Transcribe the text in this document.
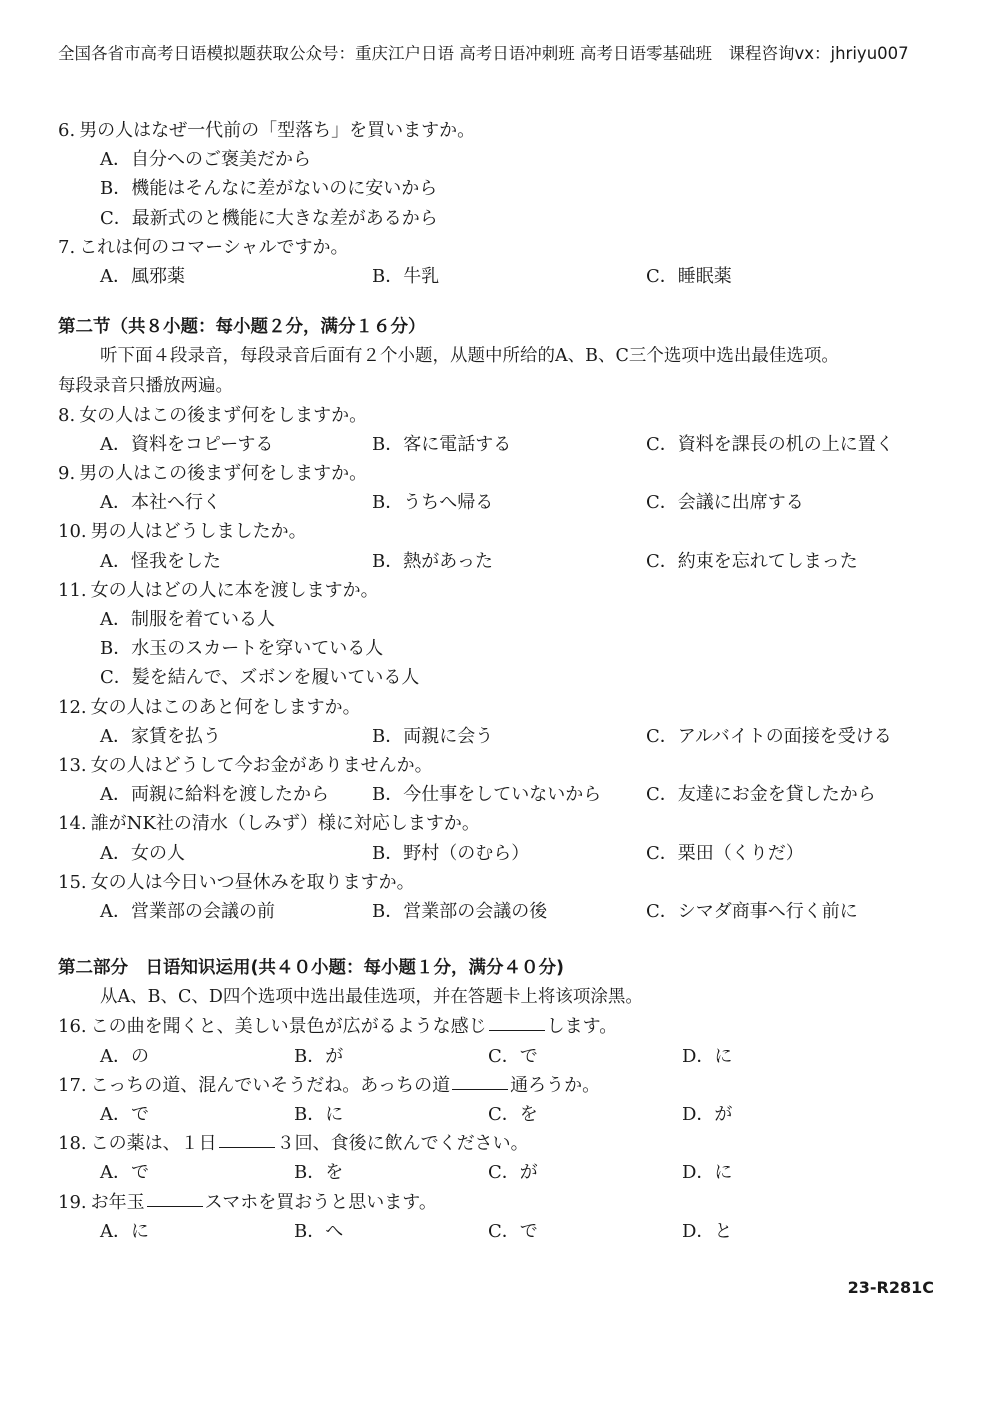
全国各省市高考日语模拟题获取公众号：重庆江户日语 高考日语冲刺班 高考日语零基础班　课程咨询vx：jhriyu007
6. 男の人はなぜ一代前の「型落ち」を買いますか。
A．自分へのご褒美だから
B．機能はそんなに差がないのに安いから
C．最新式のと機能に大きな差があるから
7. これは何のコマーシャルですか。
A．風邪薬	B．牛乳	C．睡眠薬
第二节（共８小题：每小题２分，满分１６分）
听下面４段录音，每段录音后面有２个小题，从题中所给的A、B、C三个选项中选出最佳选项。
每段录音只播放两遍。
8. 女の人はこの後まず何をしますか。
A．資料をコピーする	B．客に電話する	C．資料を課長の机の上に置く
9. 男の人はこの後まず何をしますか。
A．本社へ行く	B．うちへ帰る	C．会議に出席する
10. 男の人はどうしましたか。
A．怪我をした	B．熱があった	C．約束を忘れてしまった
11. 女の人はどの人に本を渡しますか。
A．制服を着ている人
B．水玉のスカートを穿いている人
C．髪を結んで、ズボンを履いている人
12. 女の人はこのあと何をしますか。
A．家賃を払う	B．両親に会う	C．アルバイトの面接を受ける
13. 女の人はどうして今お金がありませんか。
A．両親に給料を渡したから B．今仕事をしていないから C．友達にお金を貸したから
14. 誰がNK社の清水（しみず）様に対応しますか。
A．女の人	B．野村（のむら）	C．栗田（くりだ）
15. 女の人は今日いつ昼休みを取りますか。
A．営業部の会議の前	B．営業部の会議の後	C．シマダ商事へ行く前に
第二部分　日语知识运用(共４０小题：每小题１分，满分４０分)
从A、B、C、D四个选项中选出最佳选项，并在答题卡上将该项涂黑。
16. この曲を聞くと、美しい景色が広がるような感じ	します。
A．の	B．が	C．で	D．に
17. こっちの道、混んでいそうだね。あっちの道	通ろうか。
A．で	B．に	C．を	D．が
18. この薬は、１日	３回、食後に飲んでください。
A．で	B．を	C．が	D．に
19. お年玉	スマホを買おうと思います。
A．に	B．へ	C．で	D．と
23-R281C
